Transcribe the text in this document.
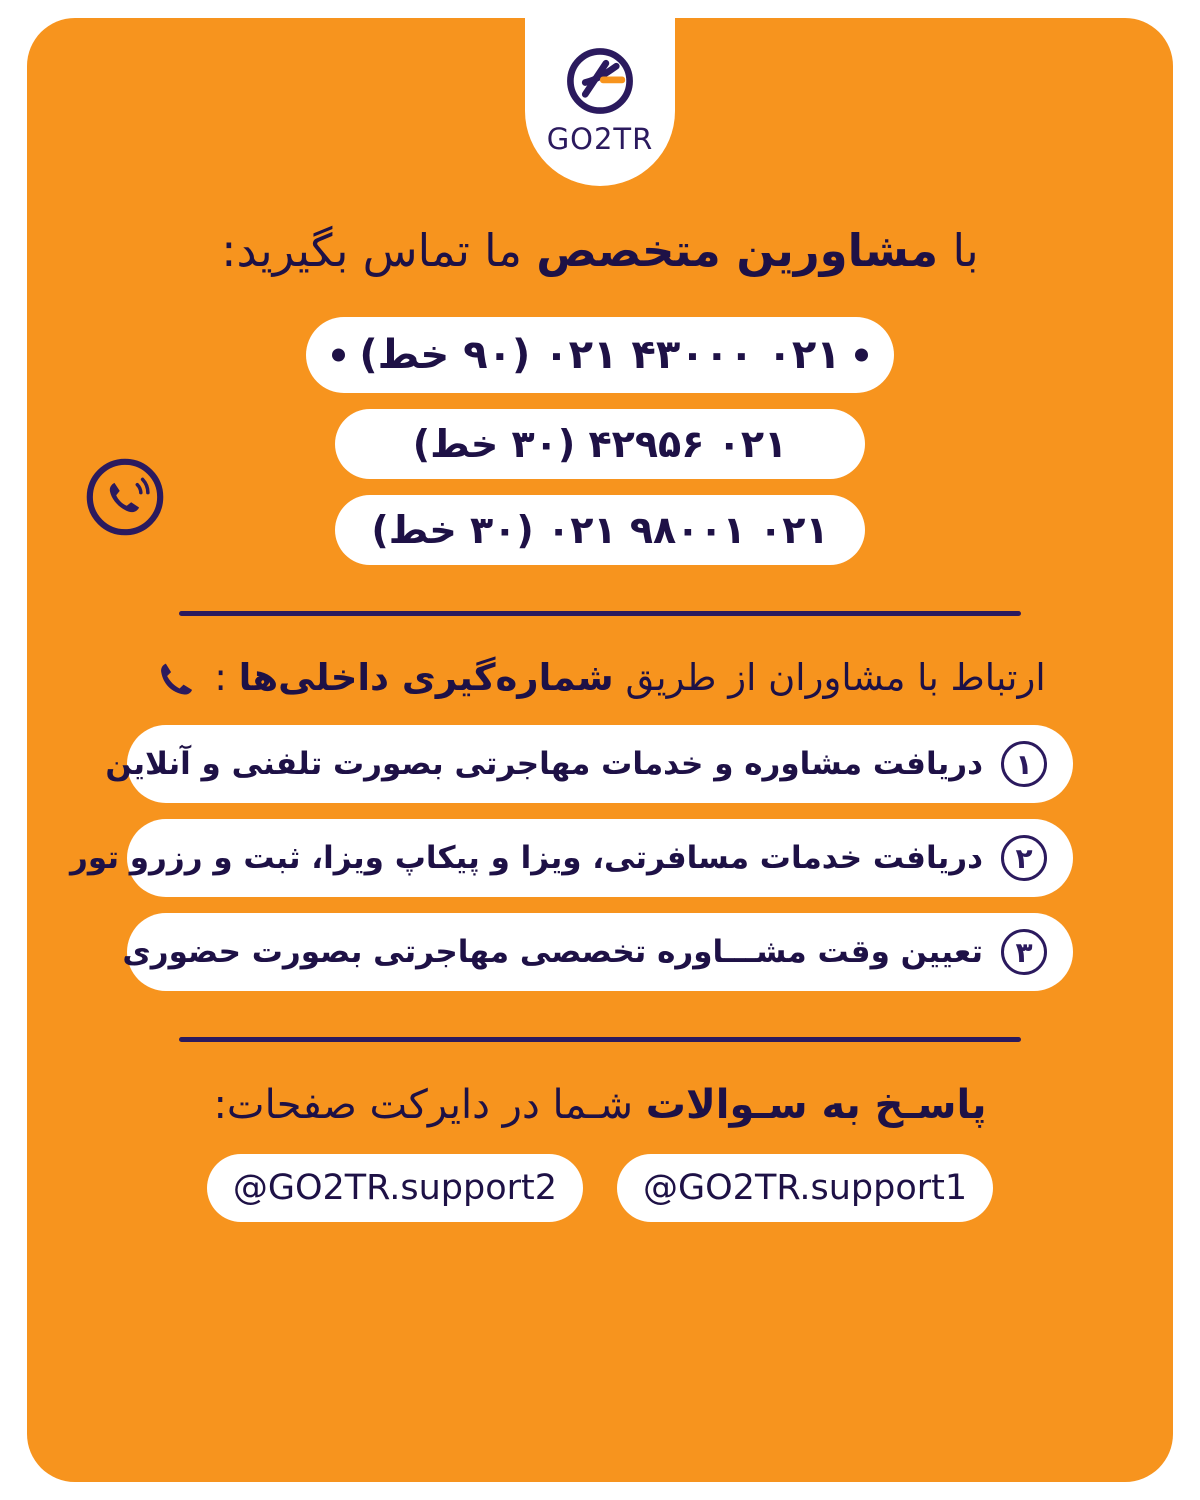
GO2TR
با مشاورین متخصص ما تماس بگیرید:
۰۲۱ ۴۳۰۰۰ ۰۲۱ (۹۰ خط)
۰۲۱ ۴۲۹۵۶ (۳۰ خط)
۰۲۱ ۹۸۰۰۱ ۰۲۱ (۳۰ خط)
ارتباط با مشاوران از طریق شماره‌گیری داخلی‌ها :
۱
دریافت مشاوره و خدمات مهاجرتی بصورت تلفنی و آنلاین
۲
دریافت خدمات مسافرتی، ویزا و پیکاپ ویزا، ثبت و رزرو تور
۳
تعیین وقت مشـــاوره تخصصی مهاجرتی بصورت حضوری
پاسـخ به سـوالات شـما در دایرکت صفحات:
@GO2TR.support1
@GO2TR.support2
